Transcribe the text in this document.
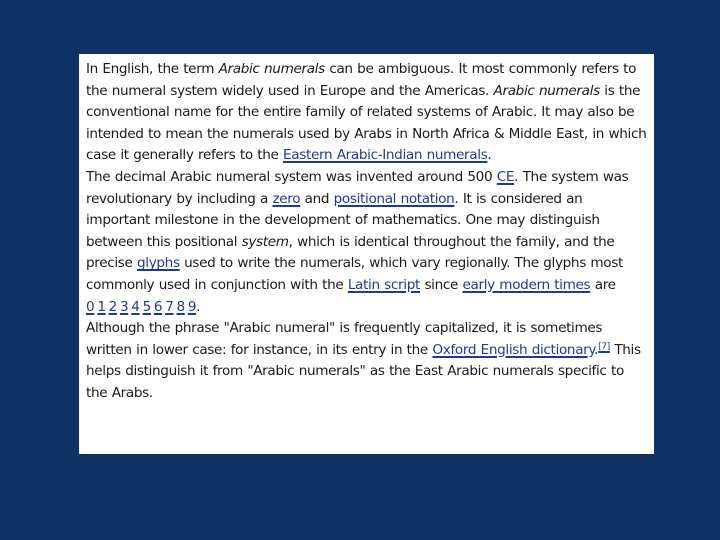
In English, the term Arabic numerals can be ambiguous. It most commonly refers to the numeral system widely used in Europe and the Americas. Arabic numerals is the conventional name for the entire family of related systems of Arabic. It may also be intended to mean the numerals used by Arabs in North Africa & Middle East, in which case it generally refers to the Eastern Arabic-Indian numerals.

The decimal Arabic numeral system was invented around 500 CE. The system was revolutionary by including a zero and positional notation. It is considered an important milestone in the development of mathematics. One may distinguish between this positional system, which is identical throughout the family, and the precise glyphs used to write the numerals, which vary regionally. The glyphs most commonly used in conjunction with the Latin script since early modern times are 0 1 2 3 4 5 6 7 8 9.

Although the phrase "Arabic numeral" is frequently capitalized, it is sometimes written in lower case: for instance, in its entry in the Oxford English dictionary.[7] This helps distinguish it from "Arabic numerals" as the East Arabic numerals specific to the Arabs.
